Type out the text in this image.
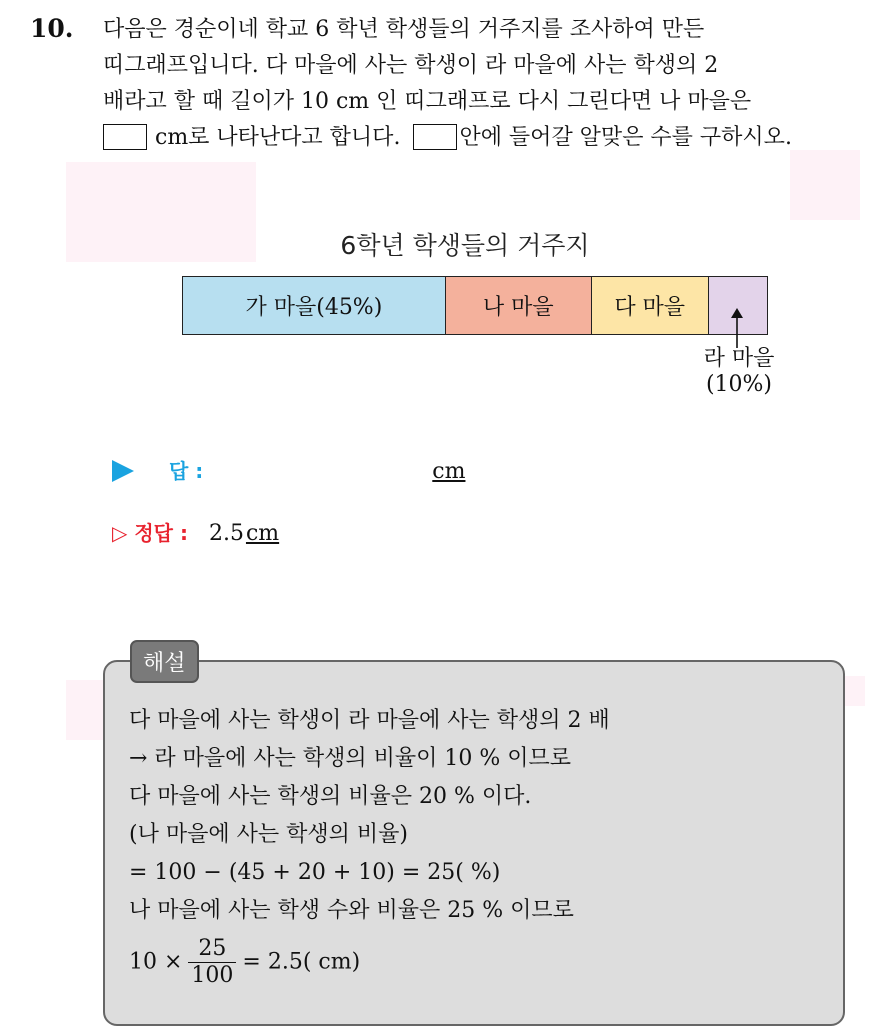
10. 다음은 경순이네 학교 6 학년 학생들의 거주지를 조사하여 만든
띠그래프입니다. 다 마을에 사는 학생이 라 마을에 사는 학생의 2
배라고 할 때 길이가 10 cm 인 띠그래프로 다시 그린다면 나 마을은
cm로 나타난다고 합니다.	안에 들어갈 알맞은 수를 구하시오.
6학년 학생들의 거주지
가 마을(45%)	나 마을	다 마을
라 마을
(10%)
답 :	cm
▷ 정답 : 2.5cm
해설
다 마을에 사는 학생이 라 마을에 사는 학생의 2 배
→ 라 마을에 사는 학생의 비율이 10 % 이므로
다 마을에 사는 학생의 비율은 20 % 이다.
(나 마을에 사는 학생의 비율)
= 100 − (45 + 20 + 10) = 25( %)
나 마을에 사는 학생 수와 비율은 25 % 이므로
$10 \times \frac{25}{100} = 2.5$( cm)
